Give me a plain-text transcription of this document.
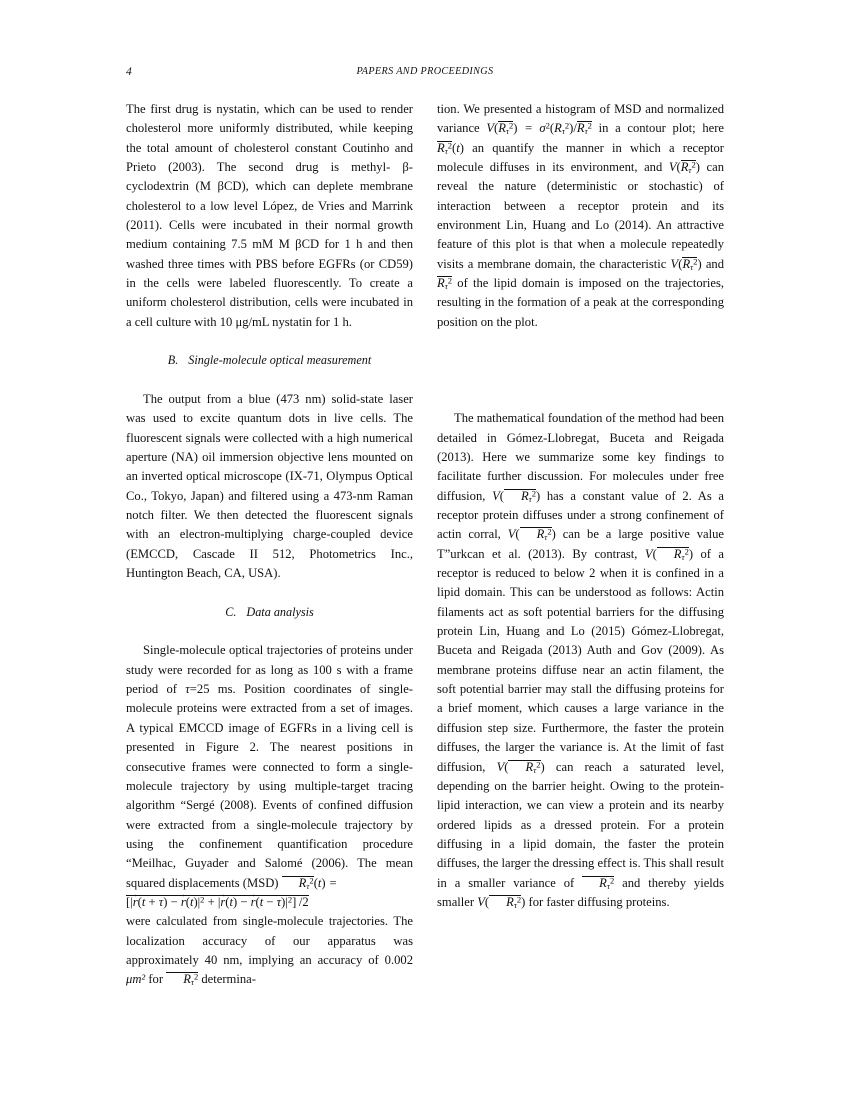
4	PAPERS AND PROCEEDINGS

The first drug is nystatin, which can be used to render cholesterol more uniformly distributed, while keeping the total amount of cholesterol constant Coutinho and Prieto (2003). The second drug is methyl- β-cyclodextrin (M βCD), which can deplete membrane cholesterol to a low level López, de Vries and Marrink (2011). Cells were incubated in their normal growth medium containing 7.5 mM M βCD for 1 h and then washed three times with PBS before EGFRs (or CD59) in the cells were labeled fluorescently. To create a uniform cholesterol distribution, cells were incubated in a cell culture with 10 μg/mL nystatin for 1 h.

B. Single-molecule optical measurement

The output from a blue (473 nm) solid-state laser was used to excite quantum dots in live cells. The fluorescent signals were collected with a high numerical aperture (NA) oil immersion objective lens mounted on an inverted optical microscope (IX-71, Olympus Optical Co., Tokyo, Japan) and filtered using a 473-nm Raman notch filter. We then detected the fluorescent signals with an electron-multiplying charge-coupled device (EMCCD, Cascade II 512, Photometrics Inc., Huntington Beach, CA, USA).

C. Data analysis

Single-molecule optical trajectories of proteins under study were recorded for as long as 100 s with a frame period of τ=25 ms. Position coordinates of single-molecule proteins were extracted from a set of images. A typical EMCCD image of EGFRs in a living cell is presented in Figure 2. The nearest positions in consecutive frames were connected to form a single-molecule trajectory by using multiple-target tracing algorithm “Sergé (2008). Events of confined diffusion were extracted from a single-molecule trajectory by using the confinement quantification procedure “Meilhac, Guyader and Salomé (2006). The mean squared displacements (MSD) $R_\tau^2(t)$ =
$[|r \to(t + \tau) - r \to(t)|^2 + |r \to(t) - r \to(t - \tau)|^2]$ /2
were calculated from single-molecule trajectories. The localization accuracy of our apparatus was approximately 40 nm, implying an accuracy of 0.002 μm² for $R_\tau^2$ determina-

tion. We presented a histogram of MSD and normalized variance $V(R_\tau^2) = \sigma^2(R_\tau^2)/R_\tau^2$ in a contour plot; here $R_\tau^2(t)$ an quantify the manner in which a receptor molecule diffuses in its environment, and $V(R_\tau^2)$ can reveal the nature (deterministic or stochastic) of interaction between a receptor protein and its environment Lin, Huang and Lo (2014). An attractive feature of this plot is that when a molecule repeatedly visits a membrane domain, the characteristic $V(R_\tau^2)$ and $R_\tau^2$ of the lipid domain is imposed on the trajectories, resulting in the formation of a peak at the corresponding position on the plot.

The mathematical foundation of the method had been detailed in Gómez-Llobregat, Buceta and Reigada (2013). Here we summarize some key findings to facilitate further discussion. For molecules under free diffusion, V( $R_\tau^2$) has a constant value of 2. As a receptor protein diffuses under a strong confinement of actin corral, V( $R_\tau^2$) can be a large positive value T”urkcan et al. (2013). By contrast, V( $R_\tau^2$) of a receptor is reduced to below 2 when it is confined in a lipid domain. This can be understood as follows: Actin filaments act as soft potential barriers for the diffusing protein Lin, Huang and Lo (2015) Gómez-Llobregat, Buceta and Reigada (2013) Auth and Gov (2009). As membrane proteins diffuse near an actin filament, the soft potential barrier may stall the diffusing proteins for a brief moment, which causes a large variance in the diffusion step size. Furthermore, the faster the protein diffuses, the larger the variance is. At the limit of fast diffusion, V( $R_\tau^2$) can reach a saturated level, depending on the barrier height. Owing to the protein-lipid interaction, we can view a protein and its nearby ordered lipids as a dressed protein. For a protein diffusing in a lipid domain, the faster the protein diffuses, the larger the dressing effect is. This shall result in a smaller variance of $R_\tau^2$ and thereby yields smaller V( $R_\tau^2$) for faster diffusing proteins.
